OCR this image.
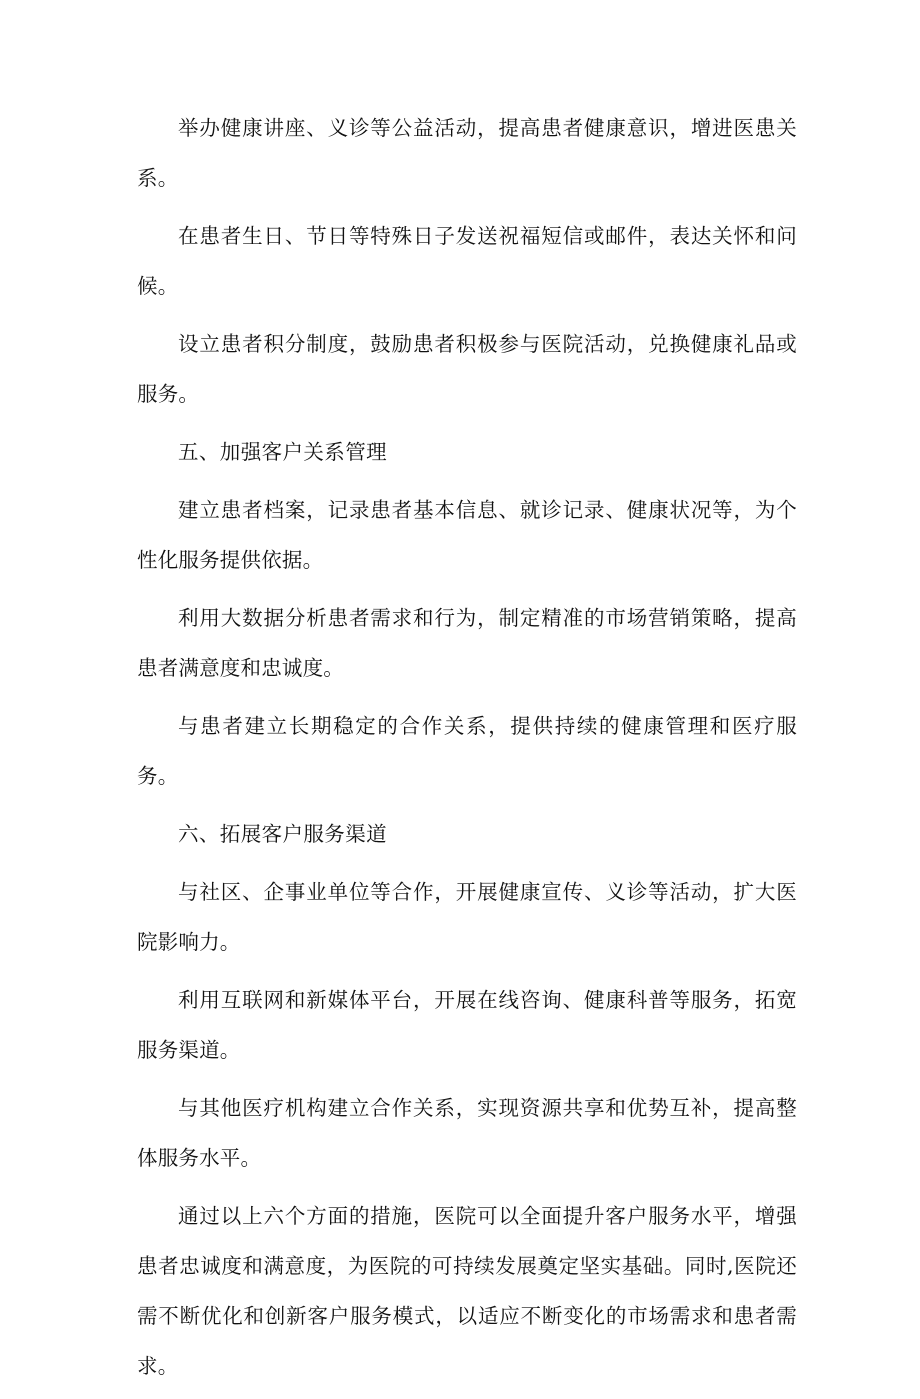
举办健康讲座、义诊等公益活动，提高患者健康意识，增进医患关系。

在患者生日、节日等特殊日子发送祝福短信或邮件，表达关怀和问候。

设立患者积分制度，鼓励患者积极参与医院活动，兑换健康礼品或服务。

五、加强客户关系管理

建立患者档案，记录患者基本信息、就诊记录、健康状况等，为个性化服务提供依据。

利用大数据分析患者需求和行为，制定精准的市场营销策略，提高患者满意度和忠诚度。

与患者建立长期稳定的合作关系，提供持续的健康管理和医疗服务。

六、拓展客户服务渠道

与社区、企事业单位等合作，开展健康宣传、义诊等活动，扩大医院影响力。

利用互联网和新媒体平台，开展在线咨询、健康科普等服务，拓宽服务渠道。

与其他医疗机构建立合作关系，实现资源共享和优势互补，提高整体服务水平。

通过以上六个方面的措施，医院可以全面提升客户服务水平，增强患者忠诚度和满意度，为医院的可持续发展奠定坚实基础。同时,医院还需不断优化和创新客户服务模式，以适应不断变化的市场需求和患者需求。
